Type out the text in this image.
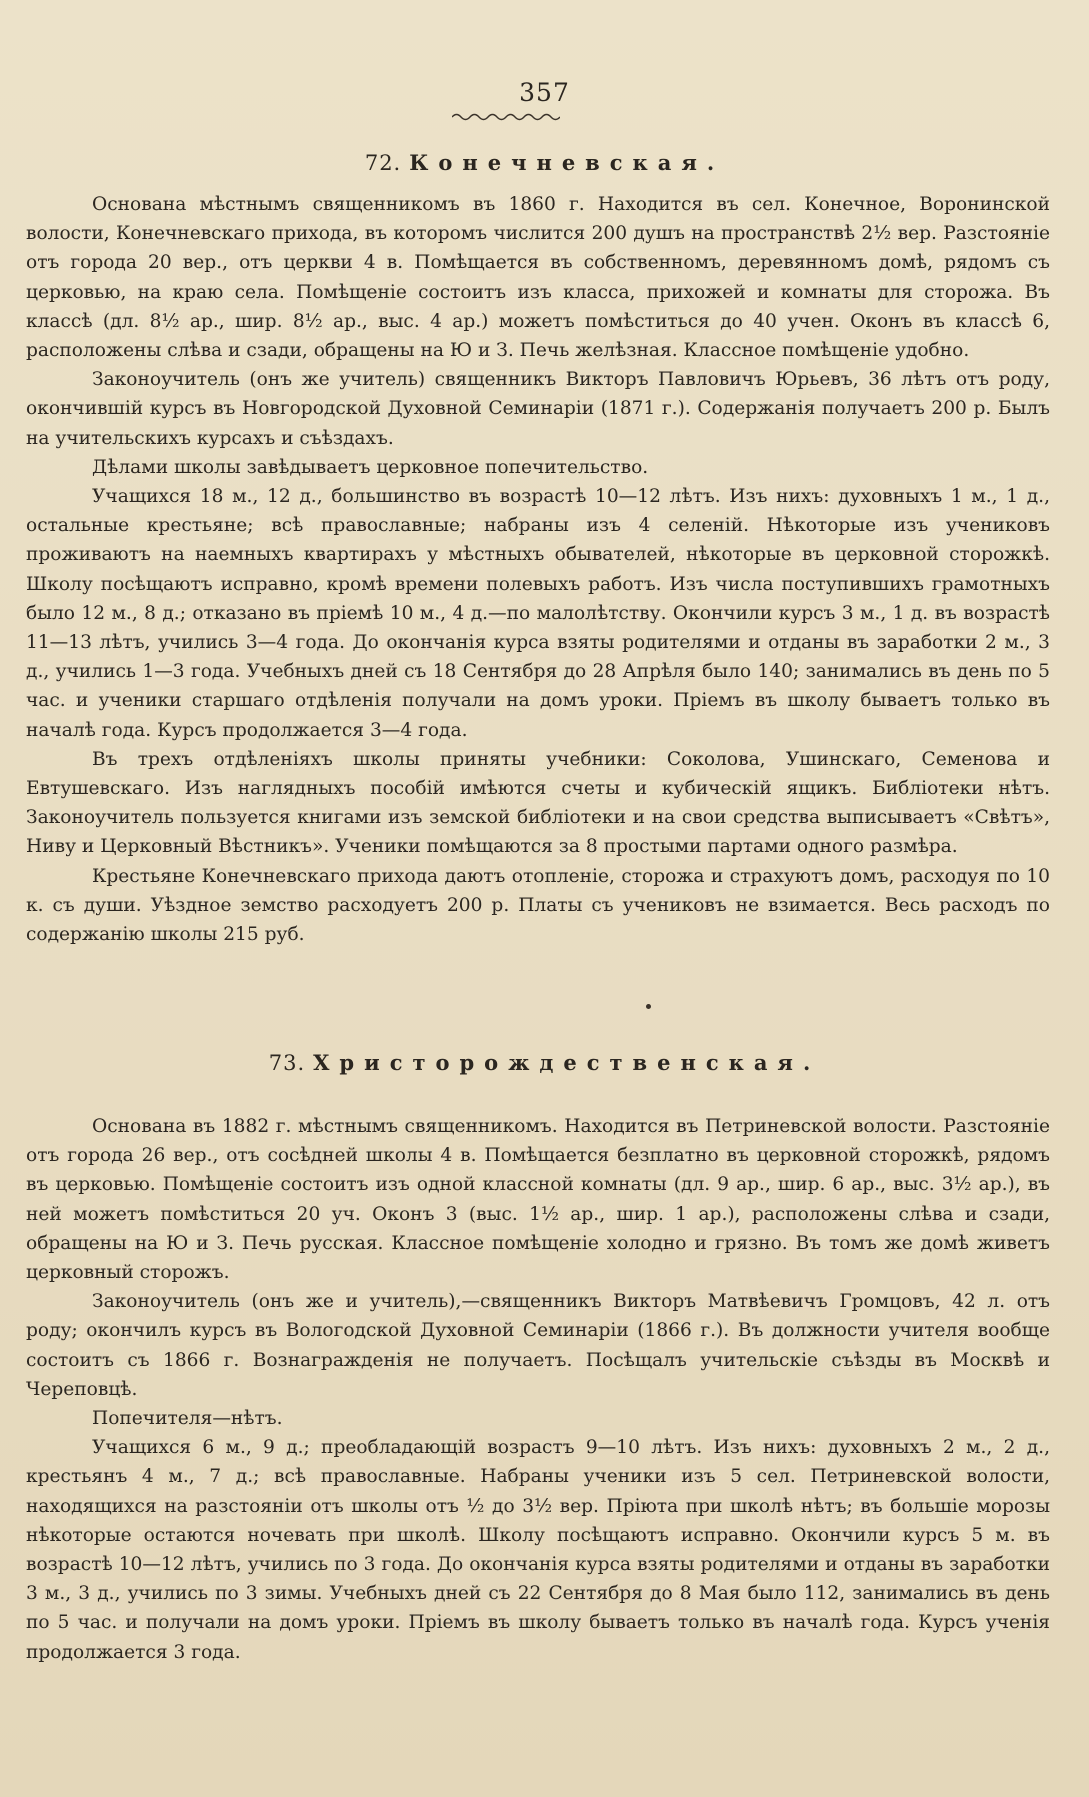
357
72. Конечневская.

Основана мѣстнымъ священникомъ въ 1860 г. Находится въ сел. Конечное, Воронинской волости, Конечневскаго прихода, въ которомъ числится 200 душъ на пространствѣ 2½ вер. Разстояніе отъ города 20 вер., отъ церкви 4 в. Помѣщается въ собственномъ, деревянномъ домѣ, рядомъ съ церковью, на краю села. Помѣщеніе состоитъ изъ класса, прихожей и комнаты для сторожа. Въ классѣ (дл. 8½ ар., шир. 8½ ар., выс. 4 ар.) можетъ помѣститься до 40 учен. Оконъ въ классѣ 6, расположены слѣва и сзади, обращены на Ю и З. Печь желѣзная. Классное помѣщеніе удобно.

Законоучитель (онъ же учитель) священникъ Викторъ Павловичъ Юрьевъ, 36 лѣтъ отъ роду, окончившій курсъ въ Новгородской Духовной Семинаріи (1871 г.). Содержанія получаетъ 200 р. Былъ на учительскихъ курсахъ и съѣздахъ.

Дѣлами школы завѣдываетъ церковное попечительство.

Учащихся 18 м., 12 д., большинство въ возрастѣ 10—12 лѣтъ. Изъ нихъ: духовныхъ 1 м., 1 д., остальные крестьяне; всѣ православные; набраны изъ 4 селеній. Нѣкоторые изъ учениковъ проживаютъ на наемныхъ квартирахъ у мѣстныхъ обывателей, нѣкоторые въ церковной сторожкѣ. Школу посѣщаютъ исправно, кромѣ времени полевыхъ работъ. Изъ числа поступившихъ грамотныхъ было 12 м., 8 д.; отказано въ пріемѣ 10 м., 4 д.—по малолѣтству. Окончили курсъ 3 м., 1 д. въ возрастѣ 11—13 лѣтъ, учились 3—4 года. До окончанія курса взяты родителями и отданы въ заработки 2 м., 3 д., учились 1—3 года. Учебныхъ дней съ 18 Сентября до 28 Апрѣля было 140; занимались въ день по 5 час. и ученики старшаго отдѣленія получали на домъ уроки. Пріемъ въ школу бываетъ только въ началѣ года. Курсъ продолжается 3—4 года.

Въ трехъ отдѣленіяхъ школы приняты учебники: Соколова, Ушинскаго, Семенова и Евтушевскаго. Изъ наглядныхъ пособій имѣются счеты и кубическій ящикъ. Библіотеки нѣтъ. Законоучитель пользуется книгами изъ земской библіотеки и на свои средства выписываетъ «Свѣтъ», Ниву и Церковный Вѣстникъ». Ученики помѣщаются за 8 простыми партами одного размѣра.

Крестьяне Конечневскаго прихода даютъ отопленіе, сторожа и страхуютъ домъ, расходуя по 10 к. съ души. Уѣздное земство расходуетъ 200 р. Платы съ учениковъ не взимается. Весь расходъ по содержанію школы 215 руб.

73. Христорождественская.

Основана въ 1882 г. мѣстнымъ священникомъ. Находится въ Петриневской волости. Разстояніе отъ города 26 вер., отъ сосѣдней школы 4 в. Помѣщается безплатно въ церковной сторожкѣ, рядомъ въ церковью. Помѣщеніе состоитъ изъ одной классной комнаты (дл. 9 ар., шир. 6 ар., выс. 3½ ар.), въ ней можетъ помѣститься 20 уч. Оконъ 3 (выс. 1½ ар., шир. 1 ар.), расположены слѣва и сзади, обращены на Ю и З. Печь русская. Классное помѣщеніе холодно и грязно. Въ томъ же домѣ живетъ церковный сторожъ.

Законоучитель (онъ же и учитель),—священникъ Викторъ Матвѣевичъ Громцовъ, 42 л. отъ роду; окончилъ курсъ въ Вологодской Духовной Семинаріи (1866 г.). Въ должности учителя вообще состоитъ съ 1866 г. Вознагражденія не получаетъ. Посѣщалъ учительскіе съѣзды въ Москвѣ и Череповцѣ.

Попечителя—нѣтъ.

Учащихся 6 м., 9 д.; преобладающій возрастъ 9—10 лѣтъ. Изъ нихъ: духовныхъ 2 м., 2 д., крестьянъ 4 м., 7 д.; всѣ православные. Набраны ученики изъ 5 сел. Петриневской волости, находящихся на разстояніи отъ школы отъ ½ до 3½ вер. Пріюта при школѣ нѣтъ; въ большіе морозы нѣкоторые остаются ночевать при школѣ. Школу посѣщаютъ исправно. Окончили курсъ 5 м. въ возрастѣ 10—12 лѣтъ, учились по 3 года. До окончанія курса взяты родителями и отданы въ заработки 3 м., 3 д., учились по 3 зимы. Учебныхъ дней съ 22 Сентября до 8 Мая было 112, занимались въ день по 5 час. и получали на домъ уроки. Пріемъ въ школу бываетъ только въ началѣ года. Курсъ ученія продолжается 3 года.
